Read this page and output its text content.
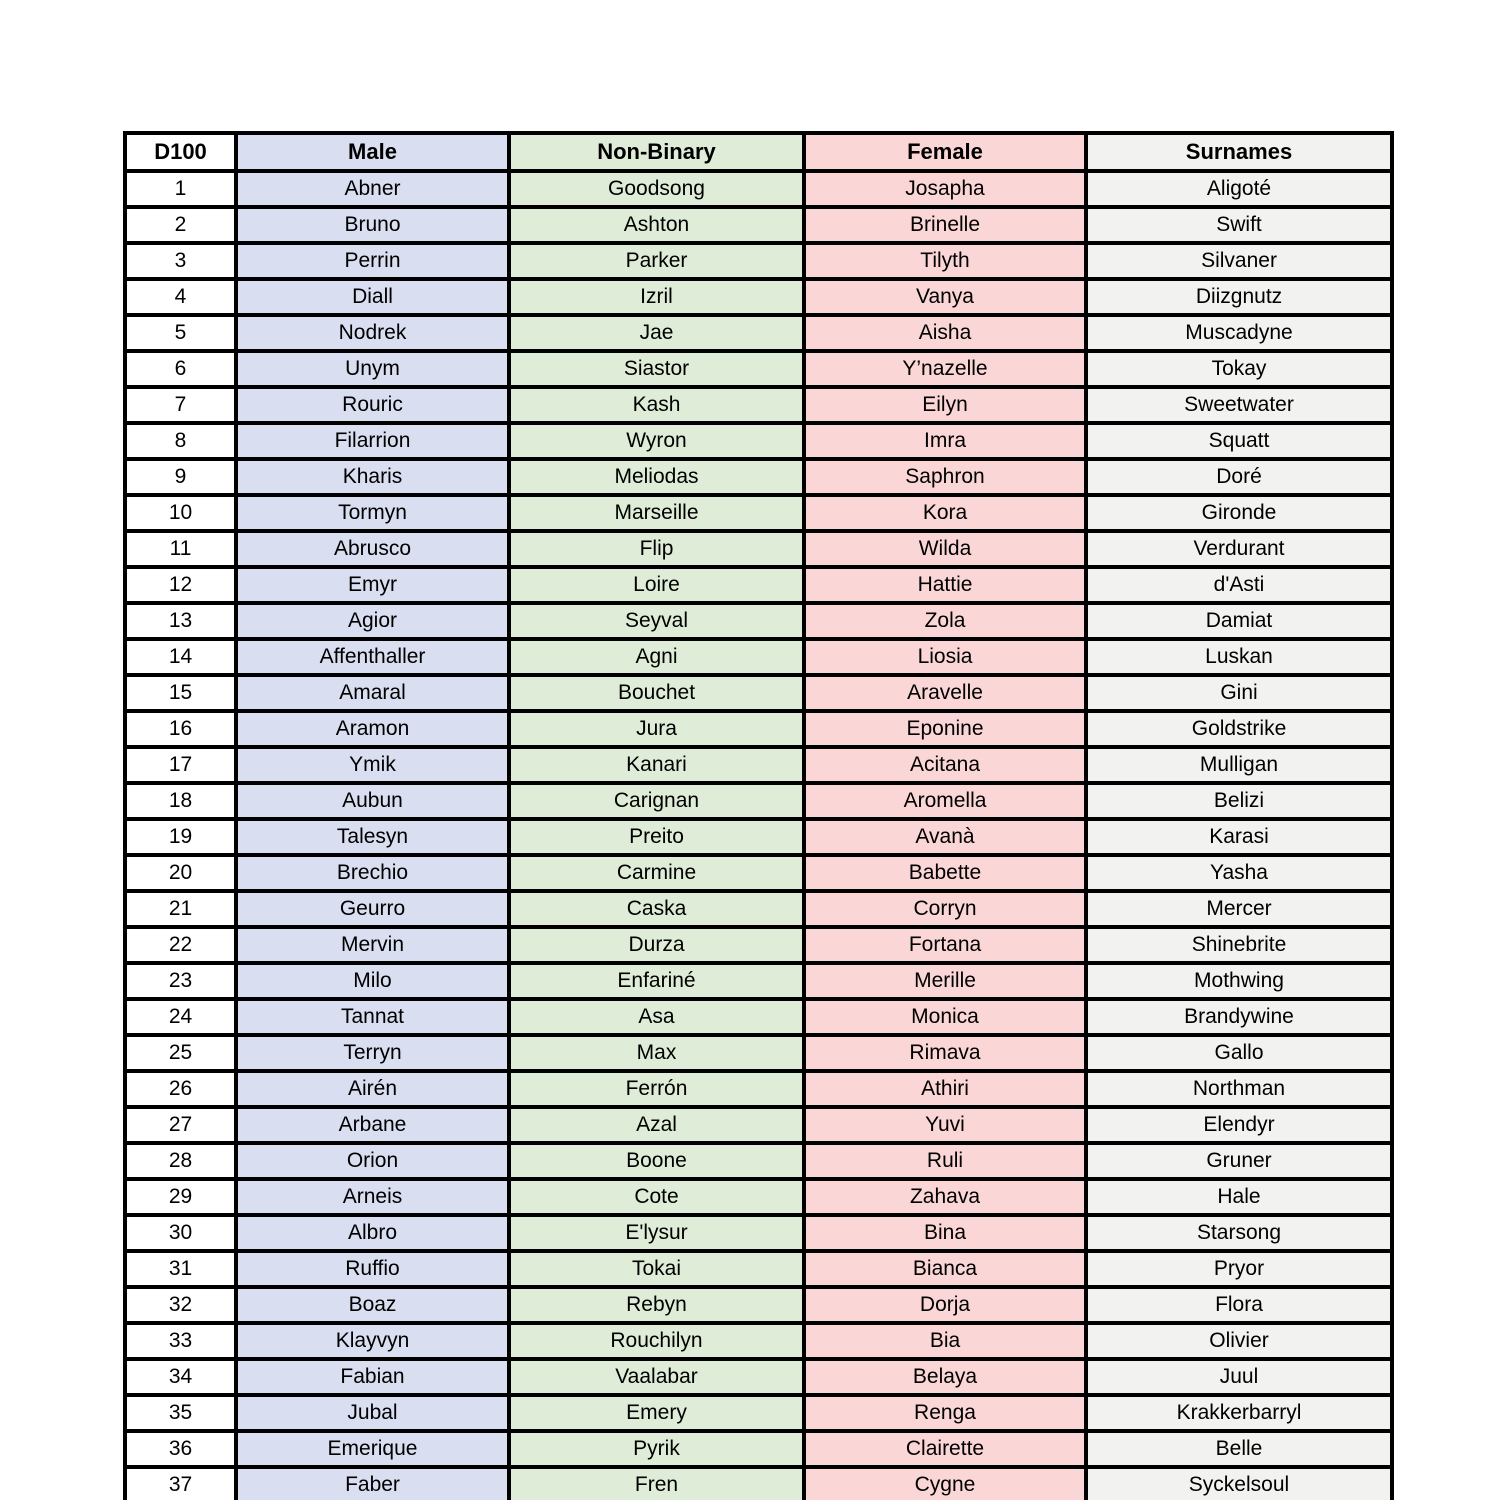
D100	Male	Non-Binary	Female	Surnames
1	Abner	Goodsong	Josapha	Aligoté
2	Bruno	Ashton	Brinelle	Swift
3	Perrin	Parker	Tilyth	Silvaner
4	Diall	Izril	Vanya	Diizgnutz
5	Nodrek	Jae	Aisha	Muscadyne
6	Unym	Siastor	Y’nazelle	Tokay
7	Rouric	Kash	Eilyn	Sweetwater
8	Filarrion	Wyron	Imra	Squatt
9	Kharis	Meliodas	Saphron	Doré
10	Tormyn	Marseille	Kora	Gironde
11	Abrusco	Flip	Wilda	Verdurant
12	Emyr	Loire	Hattie	d'Asti
13	Agior	Seyval	Zola	Damiat
14	Affenthaller	Agni	Liosia	Luskan
15	Amaral	Bouchet	Aravelle	Gini
16	Aramon	Jura	Eponine	Goldstrike
17	Ymik	Kanari	Acitana	Mulligan
18	Aubun	Carignan	Aromella	Belizi
19	Talesyn	Preito	Avanà	Karasi
20	Brechio	Carmine	Babette	Yasha
21	Geurro	Caska	Corryn	Mercer
22	Mervin	Durza	Fortana	Shinebrite
23	Milo	Enfariné	Merille	Mothwing
24	Tannat	Asa	Monica	Brandywine
25	Terryn	Max	Rimava	Gallo
26	Airén	Ferrón	Athiri	Northman
27	Arbane	Azal	Yuvi	Elendyr
28	Orion	Boone	Ruli	Gruner
29	Arneis	Cote	Zahava	Hale
30	Albro	E'lysur	Bina	Starsong
31	Ruffio	Tokai	Bianca	Pryor
32	Boaz	Rebyn	Dorja	Flora
33	Klayvyn	Rouchilyn	Bia	Olivier
34	Fabian	Vaalabar	Belaya	Juul
35	Jubal	Emery	Renga	Krakkerbarryl
36	Emerique	Pyrik	Clairette	Belle
37	Faber	Fren	Cygne	Syckelsoul
